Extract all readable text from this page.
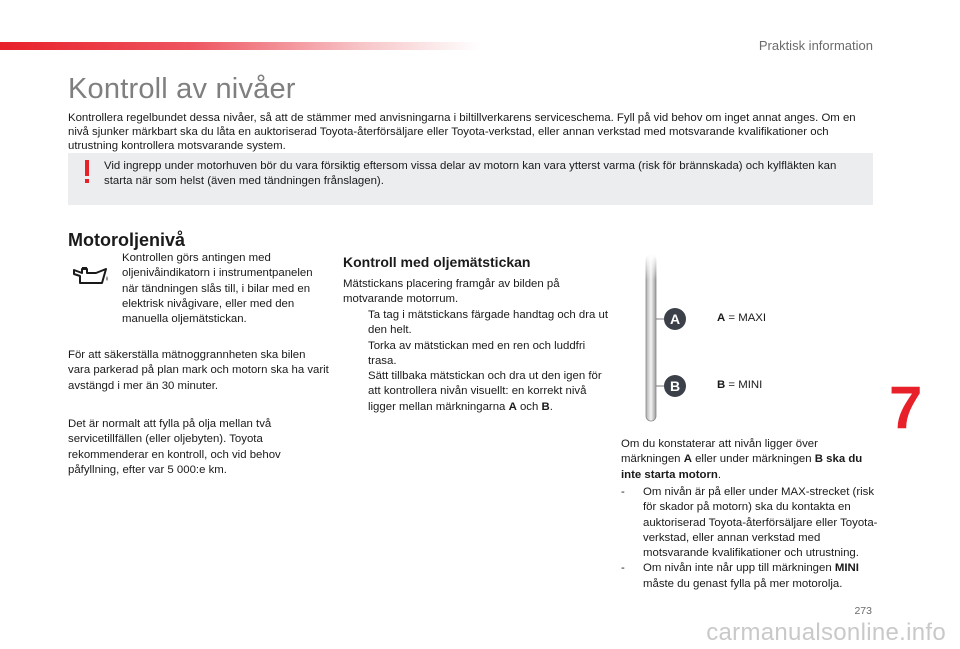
Praktisk information
Kontroll av nivåer

Kontrollera regelbundet dessa nivåer, så att de stämmer med anvisningarna i biltillverkarens serviceschema. Fyll på vid behov om inget annat anges. Om en nivå sjunker märkbart ska du låta en auktoriserad Toyota-återförsäljare eller Toyota-verkstad, eller annan verkstad med motsvarande kvalifikationer och utrustning kontrollera motsvarande system.

Vid ingrepp under motorhuven bör du vara försiktig eftersom vissa delar av motorn kan vara ytterst varma (risk för brännskada) och kylfläkten kan starta när som helst (även med tändningen frånslagen).

Motoroljenivå

Kontrollen görs antingen med oljenivåindikatorn i instrumentpanelen när tändningen slås till, i bilar med en elektrisk nivågivare, eller med den manuella oljemätstickan.

För att säkerställa mätnoggrannheten ska bilen vara parkerad på plan mark och motorn ska ha varit avstängd i mer än 30 minuter.

Det är normalt att fylla på olja mellan två servicetillfällen (eller oljebyten). Toyota rekommenderar en kontroll, och vid behov påfyllning, efter var 5 000:e km.

Kontroll med oljemätstickan

Mätstickans placering framgår av bilden på motvarande motorrum.

Ta tag i mätstickans färgade handtag och dra ut den helt.
Torka av mätstickan med en ren och luddfri trasa.
Sätt tillbaka mätstickan och dra ut den igen för att kontrollera nivån visuellt: en korrekt nivå ligger mellan märkningarna A och B.
A
B
A = MAXI
B = MINI

Om du konstaterar att nivån ligger över märkningen A eller under märkningen B ska du inte starta motorn.

- Om nivån är på eller under MAX-strecket (risk för skador på motorn) ska du kontakta en auktoriserad Toyota-återförsäljare eller Toyota-verkstad, eller annan verkstad med motsvarande kvalifikationer och utrustning.
- Om nivån inte når upp till märkningen MINI måste du genast fylla på mer motorolja.
7
273
carmanualsonline.info
